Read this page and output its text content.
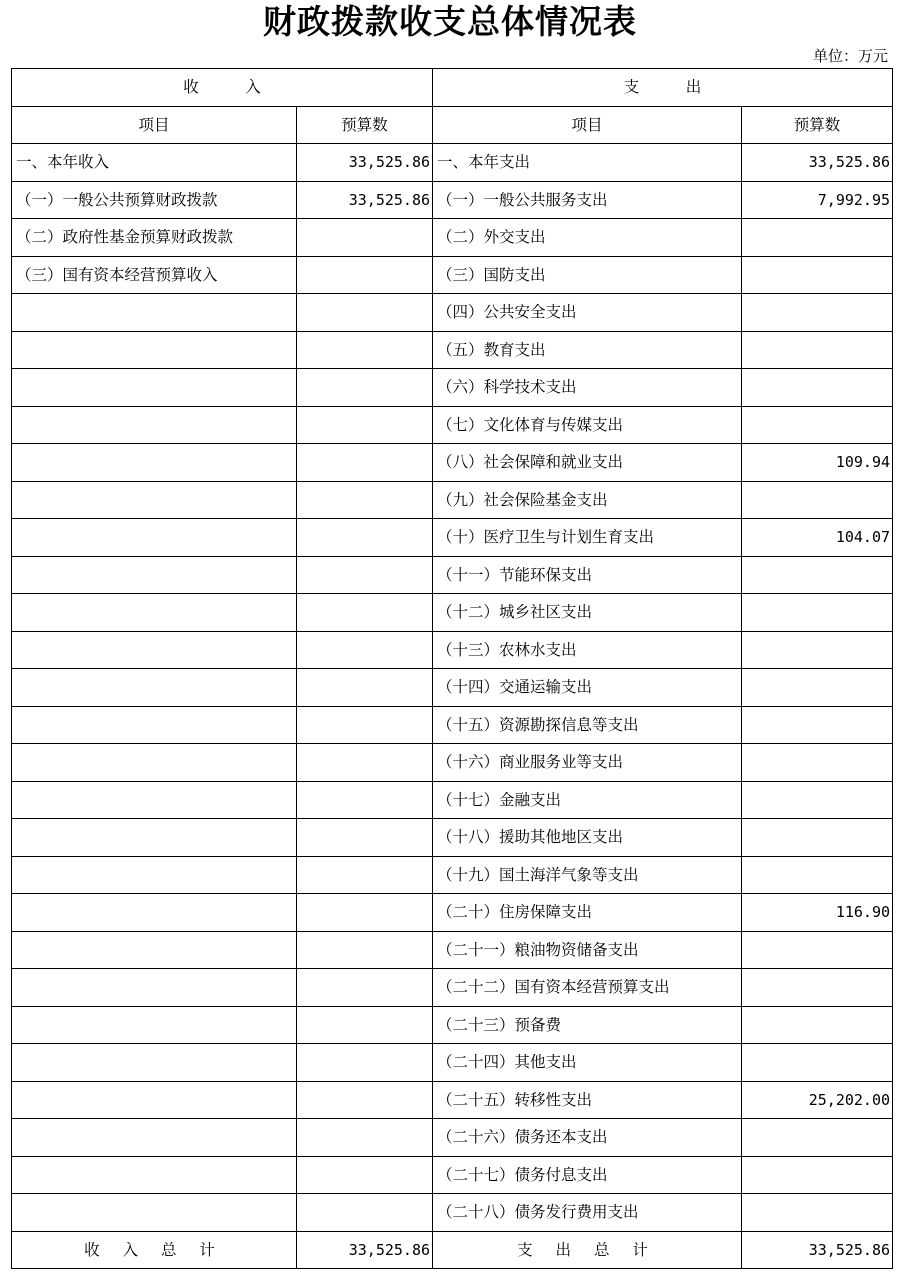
财政拨款收支总体情况表
单位：万元
收　　　入		支　　　出	
项目	预算数	项目	预算数
一、本年收入	33,525.86	一、本年支出	33,525.86
（一）一般公共预算财政拨款	33,525.86	（一）一般公共服务支出	7,992.95
（二）政府性基金预算财政拨款		（二）外交支出	
（三）国有资本经营预算收入		（三）国防支出	
		（四）公共安全支出	
		（五）教育支出	
		（六）科学技术支出	
		（七）文化体育与传媒支出	
		（八）社会保障和就业支出	109.94
		（九）社会保险基金支出	
		（十）医疗卫生与计划生育支出	104.07
		（十一）节能环保支出	
		（十二）城乡社区支出	
		（十三）农林水支出	
		（十四）交通运输支出	
		（十五）资源勘探信息等支出	
		（十六）商业服务业等支出	
		（十七）金融支出	
		（十八）援助其他地区支出	
		（十九）国土海洋气象等支出	
		（二十）住房保障支出	116.90
		（二十一）粮油物资储备支出	
		（二十二）国有资本经营预算支出	
		（二十三）预备费	
		（二十四）其他支出	
		（二十五）转移性支出	25,202.00
		（二十六）债务还本支出	
		（二十七）债务付息支出	
		（二十八）债务发行费用支出	
收 入 总 计	33,525.86	支 出 总 计	33,525.86
